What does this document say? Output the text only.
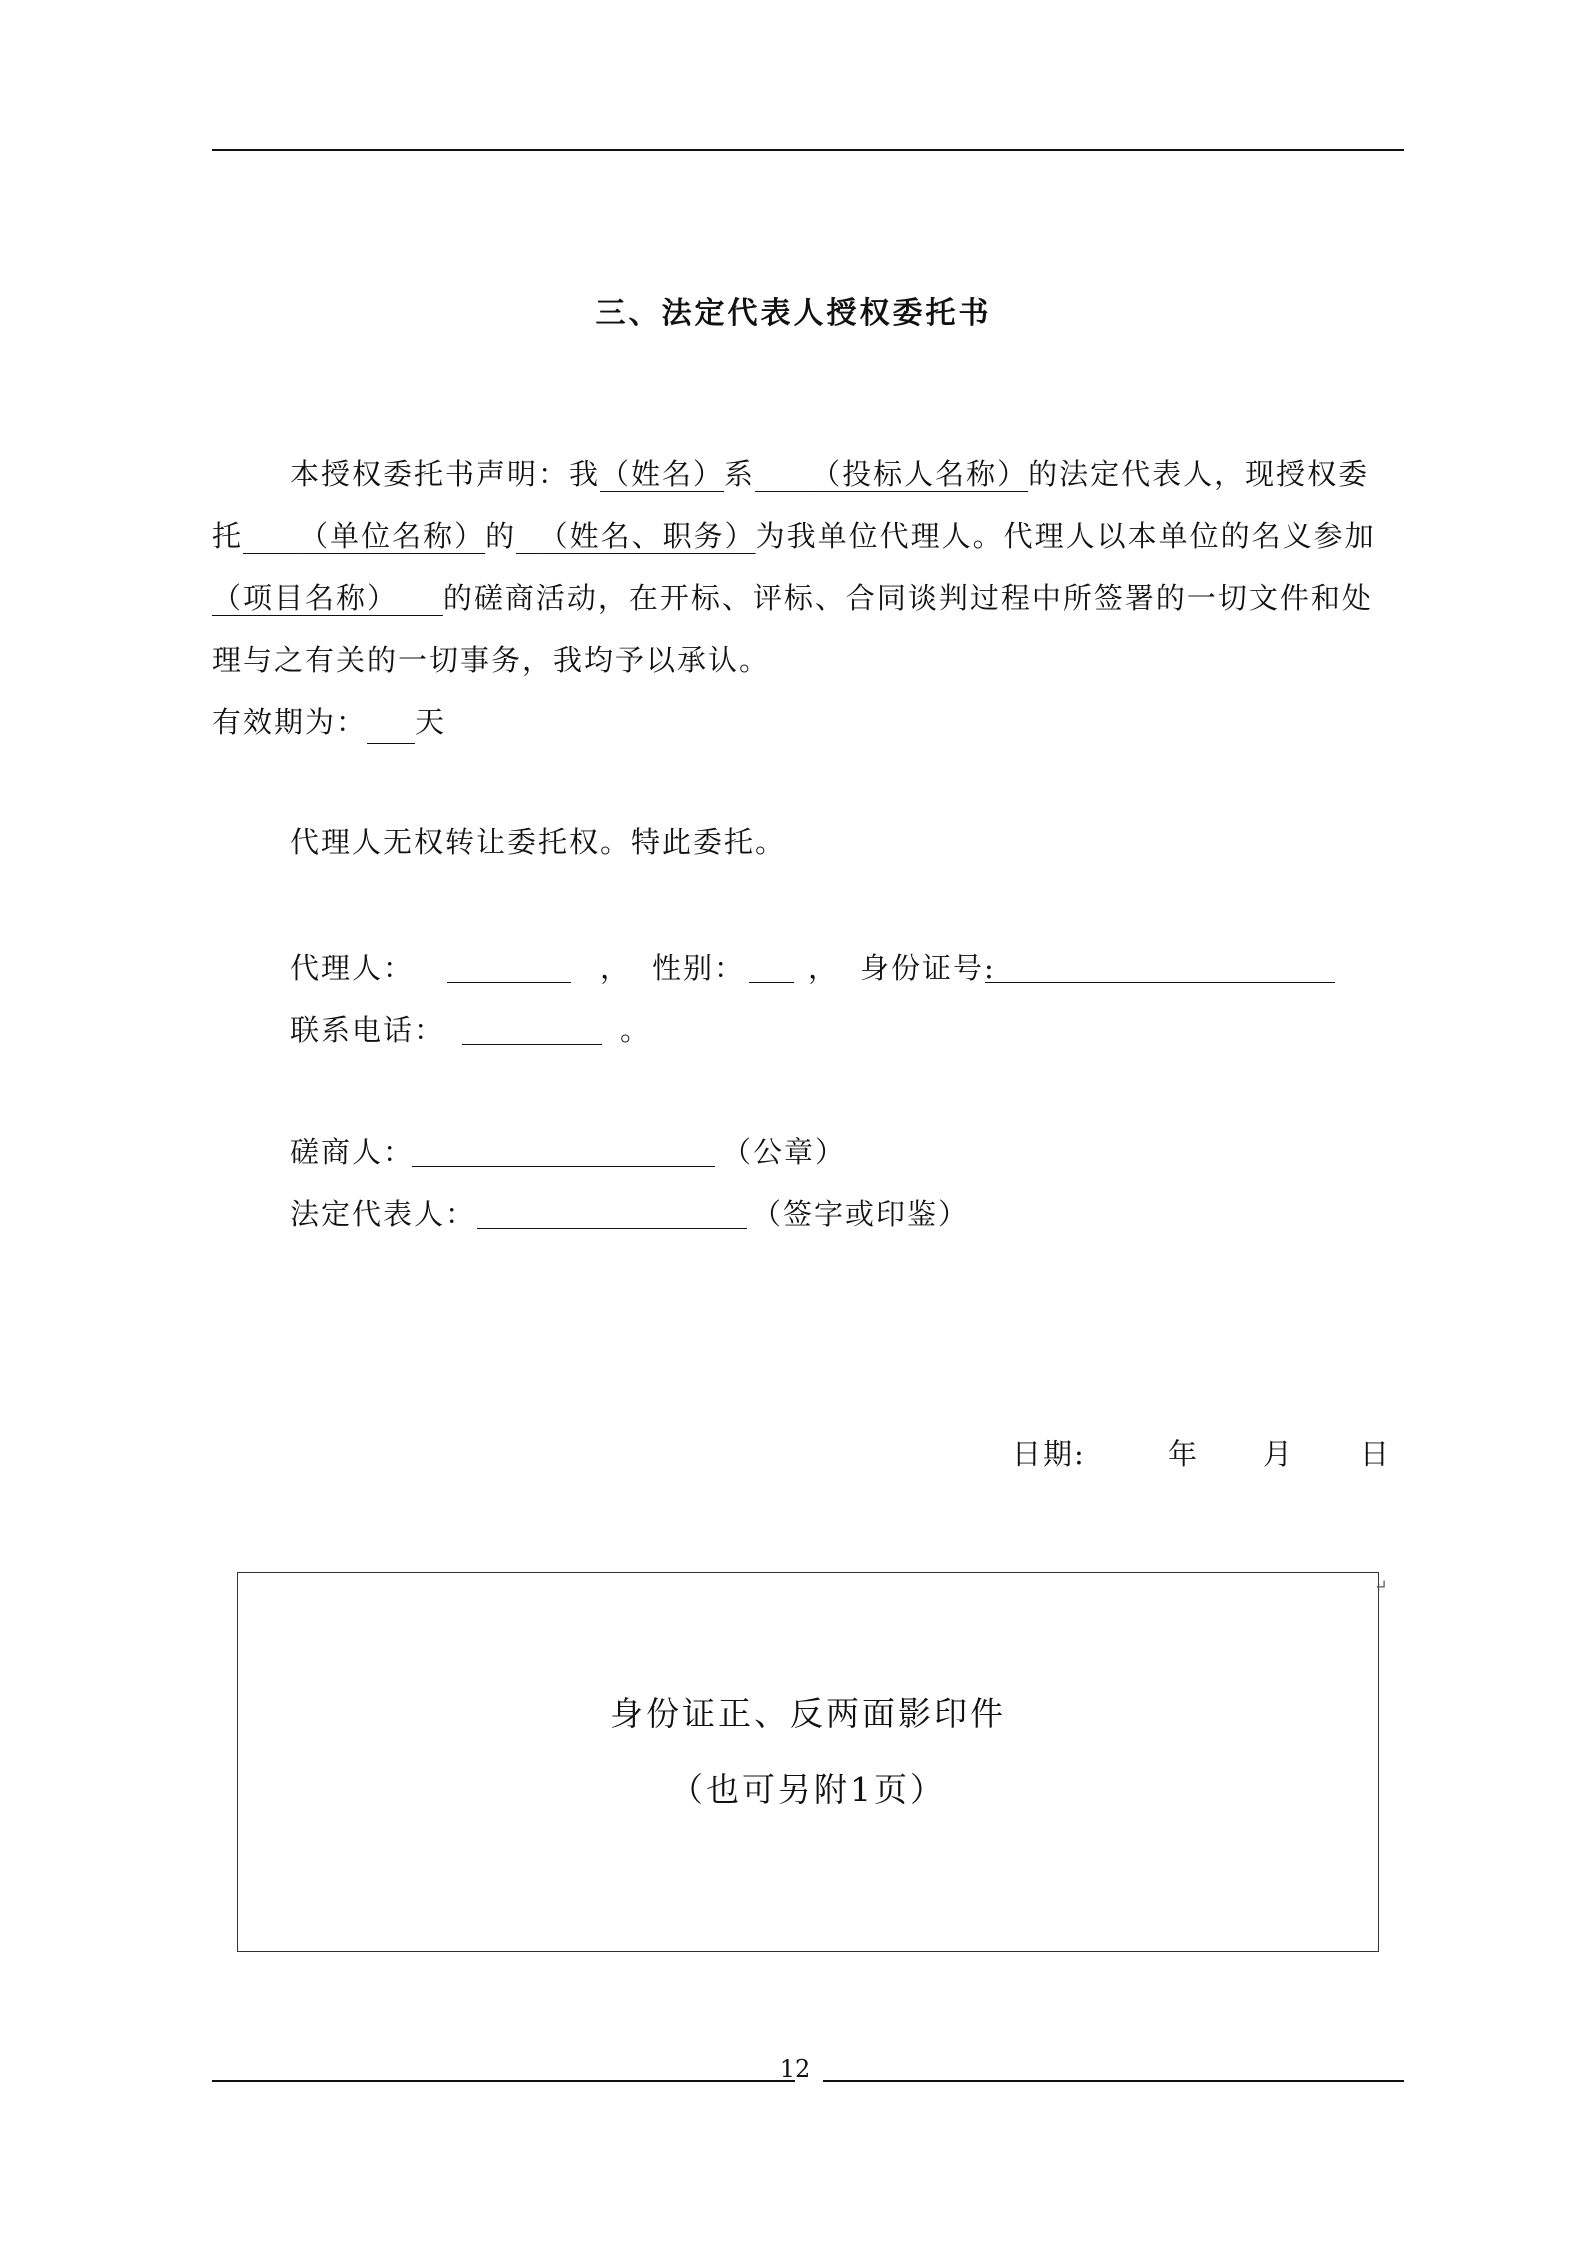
三、法定代表人授权委托书
本授权委托书声明：我（姓名）系 （投标人名称）的法定代表人，现授权委
托 （单位名称）的 （姓名、职务）为我单位代理人。代理人以本单位的名义参加
（项目名称） 的磋商活动，在开标、评标、合同谈判过程中所签署的一切文件和处
理与之有关的一切事务，我均予以承认。
有效期为： 天
代理人无权转让委托权。特此委托。
代理人：	， 性别： ， 身份证号:
联系电话：	。
磋商人：	（公章）
法定代表人：	（签字或印鉴）
日期:	年 月 日
↵
身份证正、反两面影印件
（也可另附1页）
12
